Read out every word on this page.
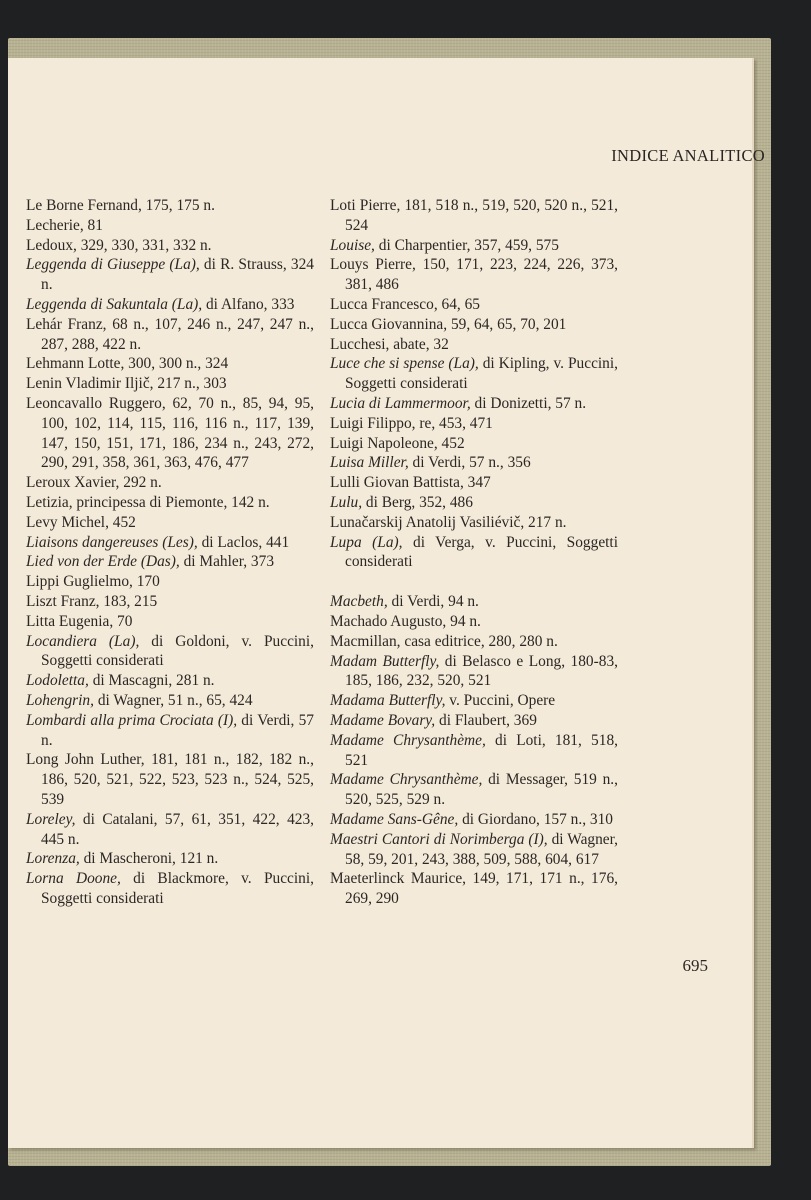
INDICE ANALITICO
Le Borne Fernand, 175, 175 n.
Lecherie, 81
Ledoux, 329, 330, 331, 332 n.
Leggenda di Giuseppe (La), di R. Strauss, 324 n.
Leggenda di Sakuntala (La), di Alfano, 333
Lehár Franz, 68 n., 107, 246 n., 247, 247 n., 287, 288, 422 n.
Lehmann Lotte, 300, 300 n., 324
Lenin Vladimir Iljič, 217 n., 303
Leoncavallo Ruggero, 62, 70 n., 85, 94, 95, 100, 102, 114, 115, 116, 116 n., 117, 139, 147, 150, 151, 171, 186, 234 n., 243, 272, 290, 291, 358, 361, 363, 476, 477
Leroux Xavier, 292 n.
Letizia, principessa di Piemonte, 142 n.
Levy Michel, 452
Liaisons dangereuses (Les), di Laclos, 441
Lied von der Erde (Das), di Mahler, 373
Lippi Guglielmo, 170
Liszt Franz, 183, 215
Litta Eugenia, 70
Locandiera (La), di Goldoni, v. Puccini, Soggetti considerati
Lodoletta, di Mascagni, 281 n.
Lohengrin, di Wagner, 51 n., 65, 424
Lombardi alla prima Crociata (I), di Verdi, 57 n.
Long John Luther, 181, 181 n., 182, 182 n., 186, 520, 521, 522, 523, 523 n., 524, 525, 539
Loreley, di Catalani, 57, 61, 351, 422, 423, 445 n.
Lorenza, di Mascheroni, 121 n.
Lorna Doone, di Blackmore, v. Puccini, Soggetti considerati
Loti Pierre, 181, 518 n., 519, 520, 520 n., 521, 524
Louise, di Charpentier, 357, 459, 575
Louys Pierre, 150, 171, 223, 224, 226, 373, 381, 486
Lucca Francesco, 64, 65
Lucca Giovannina, 59, 64, 65, 70, 201
Lucchesi, abate, 32
Luce che si spense (La), di Kipling, v. Puccini, Soggetti considerati
Lucia di Lammermoor, di Donizetti, 57 n.
Luigi Filippo, re, 453, 471
Luigi Napoleone, 452
Luisa Miller, di Verdi, 57 n., 356
Lulli Giovan Battista, 347
Lulu, di Berg, 352, 486
Lunačarskij Anatolij Vasiliévič, 217 n.
Lupa (La), di Verga, v. Puccini, Soggetti considerati
Macbeth, di Verdi, 94 n.
Machado Augusto, 94 n.
Macmillan, casa editrice, 280, 280 n.
Madam Butterfly, di Belasco e Long, 180-83, 185, 186, 232, 520, 521
Madama Butterfly, v. Puccini, Opere
Madame Bovary, di Flaubert, 369
Madame Chrysanthème, di Loti, 181, 518, 521
Madame Chrysanthème, di Messager, 519 n., 520, 525, 529 n.
Madame Sans-Gêne, di Giordano, 157 n., 310
Maestri Cantori di Norimberga (I), di Wagner, 58, 59, 201, 243, 388, 509, 588, 604, 617
Maeterlinck Maurice, 149, 171, 171 n., 176, 269, 290
695
